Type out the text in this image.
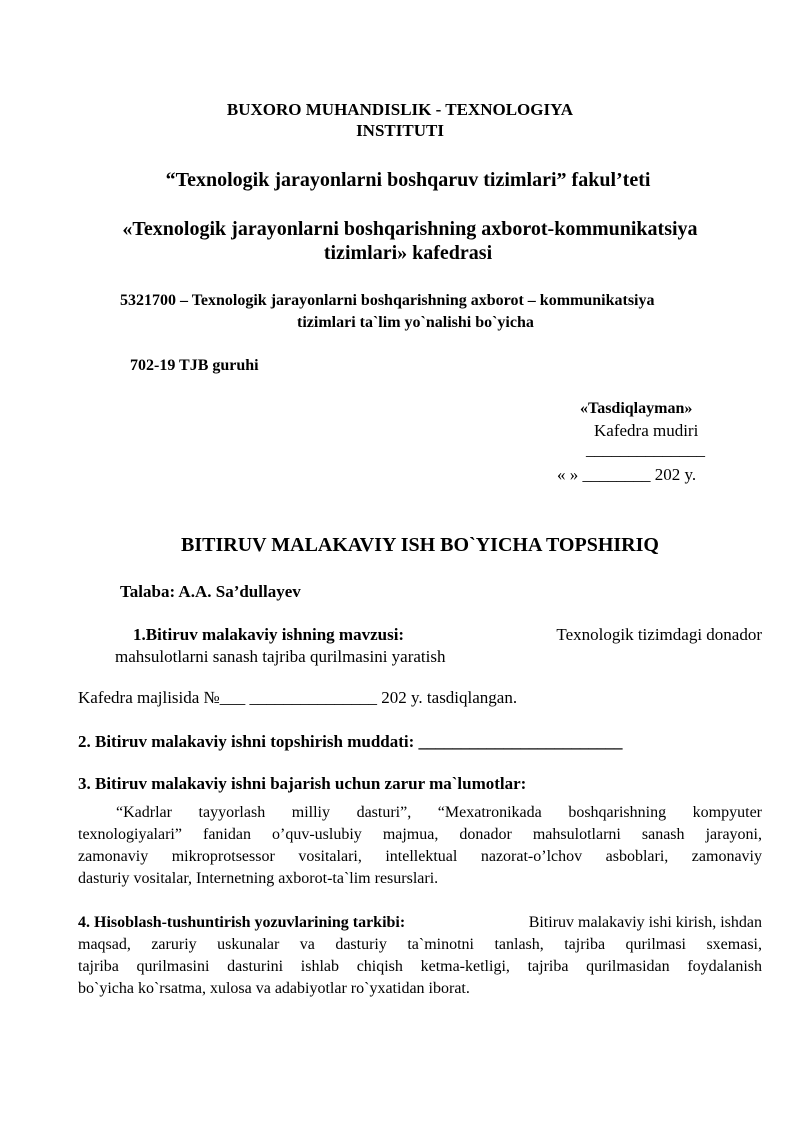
BUXORO MUHANDISLIK - TEXNOLOGIYA
INSTITUTI
“Texnologik jarayonlarni boshqaruv tizimlari” fakul’teti
«Texnologik jarayonlarni boshqarishning axborot-kommunikatsiya
tizimlari» kafedrasi
5321700 – Texnologik jarayonlarni boshqarishning axborot – kommunikatsiya
tizimlari ta`lim yo`nalishi bo`yicha
702-19 TJB guruhi
«Tasdiqlayman»
Kafedra mudiri
______________
« » ________ 202 y.
BITIRUV MALAKAVIY ISH BO`YICHA TOPSHIRIQ
Talaba: A.A. Sa’dullayev
1.Bitiruv malakaviy ishning mavzusi:	Texnologik tizimdagi donador
mahsulotlarni sanash tajriba qurilmasini yaratish
Kafedra majlisida №___ _______________ 202 y. tasdiqlangan.
2. Bitiruv malakaviy ishni topshirish muddati: ________________________
3. Bitiruv malakaviy ishni bajarish uchun zarur ma`lumotlar:
“Kadrlar tayyorlash milliy dasturi”, “Mexatronikada boshqarishning kompyuter
texnologiyalari” fanidan o’quv-uslubiy majmua, donador mahsulotlarni sanash jarayoni,
zamonaviy mikroprotsessor vositalari, intellektual nazorat-o’lchov asboblari, zamonaviy
dasturiy vositalar, Internetning axborot-ta`lim resurslari.
4. Hisoblash-tushuntirish yozuvlarining tarkibi:	Bitiruv malakaviy ishi kirish, ishdan
maqsad, zaruriy uskunalar va dasturiy ta`minotni tanlash, tajriba qurilmasi sxemasi,
tajriba qurilmasini dasturini ishlab chiqish ketma-ketligi, tajriba qurilmasidan foydalanish
bo`yicha ko`rsatma, xulosa va adabiyotlar ro`yxatidan iborat.
